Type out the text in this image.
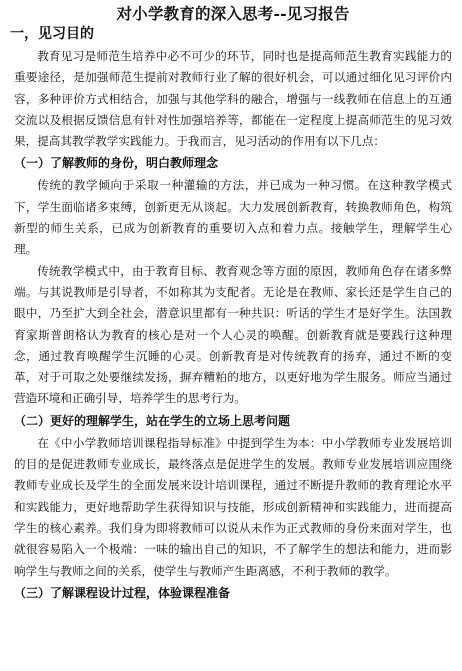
对小学教育的深入思考--见习报告
一，见习目的

教育见习是师范生培养中必不可少的环节，同时也是提高师范生教育实践能力的重要途径，是加强师范生提前对教师行业了解的很好机会，可以通过细化见习评价内容，多种评价方式相结合，加强与其他学科的融合，增强与一线教师在信息上的互通交流以及根据反馈信息有针对性加强培养等，都能在一定程度上提高师范生的见习效果，提高其教学教学实践能力。于我而言，见习活动的作用有以下几点：

（一）了解教师的身份，明白教师理念

传统的教学倾向于采取一种灌输的方法，并已成为一种习惯。在这种教学模式下，学生面临诸多束缚，创新更无从谈起。大力发展创新教育，转换教师角色，构筑新型的师生关系，已成为创新教育的重要切入点和着力点。接触学生，理解学生心理。

传统教学模式中，由于教育目标、教育观念等方面的原因，教师角色存在诸多弊端。与其说教师是引导者，不如称其为支配者。无论是在教师、家长还是学生自己的眼中，乃至扩大到全社会，潜意识里都有一种共识：听话的学生才是好学生。法国教育家斯普朗格认为教育的核心是对一个人心灵的唤醒。创新教育就是要践行这种理念，通过教育唤醒学生沉睡的心灵。创新教育是对传统教育的扬弃，通过不断的变革，对于可取之处要继续发扬，摒弃糟粕的地方，以更好地为学生服务。师应当通过营造环境和正确引导，培养学生的思考行为。

（二）更好的理解学生，站在学生的立场上思考问题

在《中小学教师培训课程指导标准》中提到学生为本：中小学教师专业发展培训的目的是促进教师专业成长，最终落点是促进学生的发展。教师专业发展培训应围绕教师专业成长及学生的全面发展来设计培训课程，通过不断提升教师的教育理论水平和实践能力，更好地帮助学生获得知识与技能，形成创新精神和实践能力，进而提高学生的核心素养。我们身为即将教师可以说从未作为正式教师的身份来面对学生，也就很容易陷入一个极端：一味的输出自己的知识，不了解学生的想法和能力，进而影响学生与教师之间的关系，使学生与教师产生距离感，不利于教师的教学。

（三）了解课程设计过程，体验课程准备
